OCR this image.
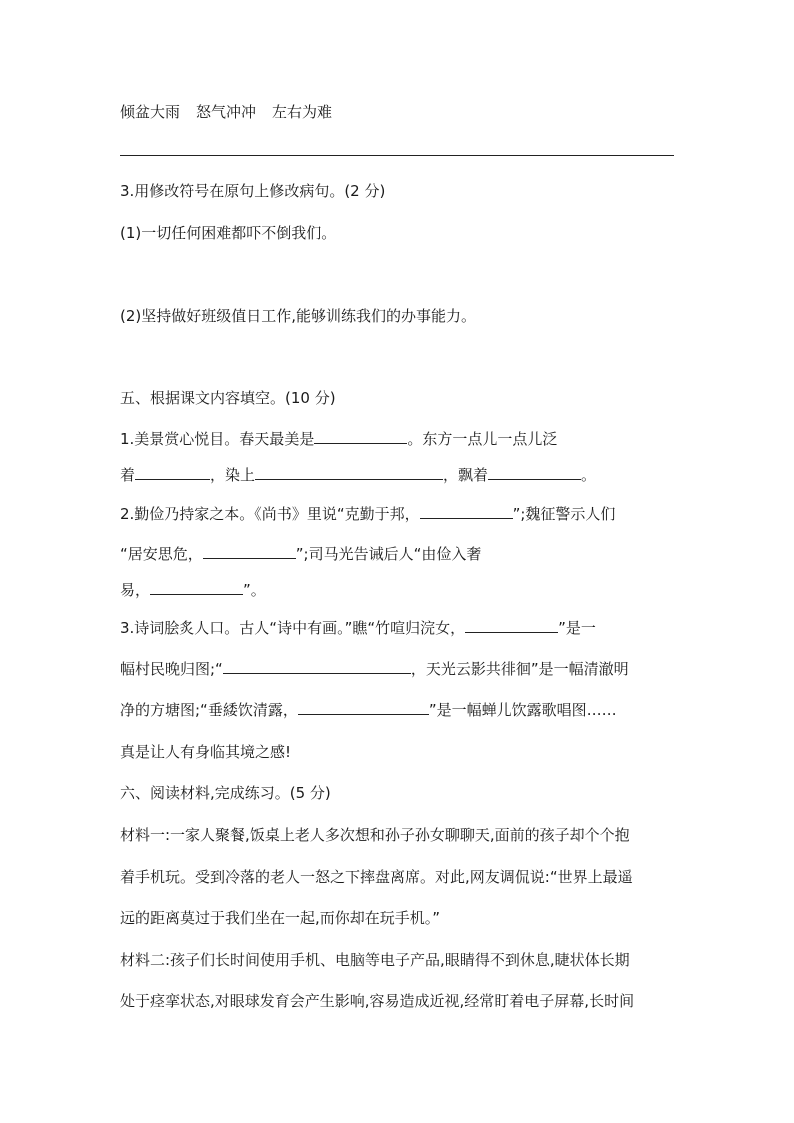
倾盆大雨 怒气冲冲 左右为难
3.用修改符号在原句上修改病句。(2 分)
(1)一切任何困难都吓不倒我们。
(2)坚持做好班级值日工作,能够训练我们的办事能力。
五、根据课文内容填空。(10 分)
1.美景赏心悦目。春天最美是	。东方一点儿一点儿泛
着	，染上	，飘着	。
2.勤俭乃持家之本。《尚书》里说“克勤于邦，	”;魏征警示人们
“居安思危，	”;司马光告诫后人“由俭入奢
易，	”。
3.诗词脍炙人口。古人“诗中有画。”瞧“竹喧归浣女，	”是一
幅村民晚归图;“	，天光云影共徘徊”是一幅清澈明
净的方塘图;“垂緌饮清露，	”是一幅蝉儿饮露歌唱图……
真是让人有身临其境之感!
六、阅读材料,完成练习。(5 分)
材料一:一家人聚餐,饭桌上老人多次想和孙子孙女聊聊天,面前的孩子却个个抱
着手机玩。受到冷落的老人一怒之下摔盘离席。对此,网友调侃说:“世界上最遥
远的距离莫过于我们坐在一起,而你却在玩手机。”
材料二:孩子们长时间使用手机、电脑等电子产品,眼睛得不到休息,睫状体长期
处于痉挛状态,对眼球发育会产生影响,容易造成近视,经常盯着电子屏幕,长时间
